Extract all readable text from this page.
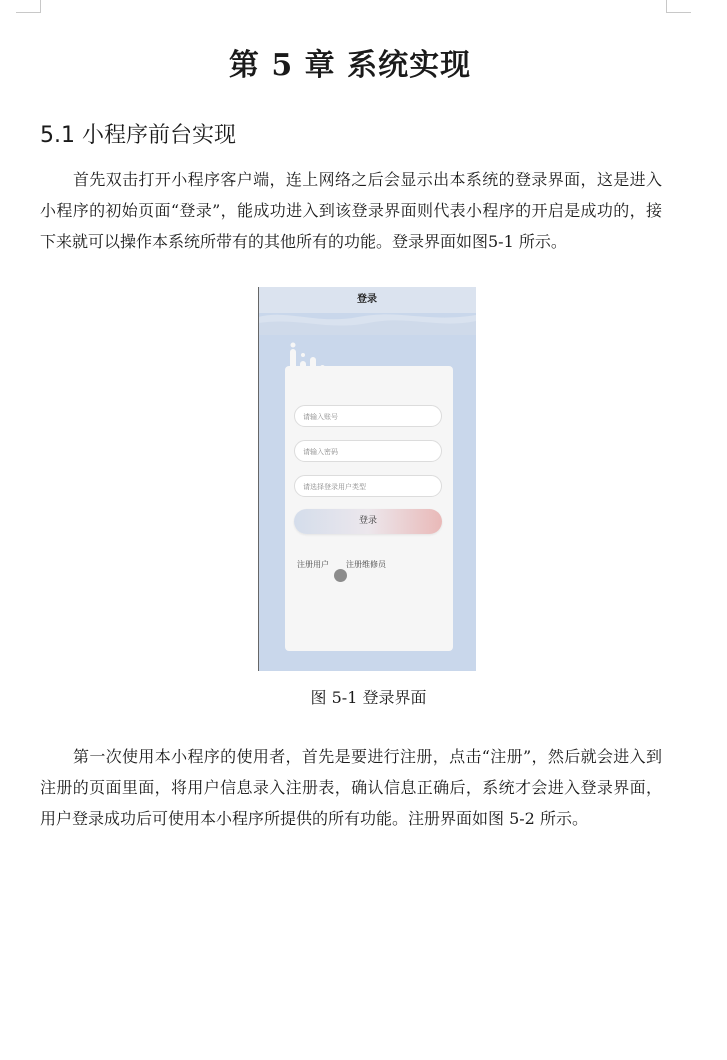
第 5 章 系统实现
5.1 小程序前台实现

首先双击打开小程序客户端，连上网络之后会显示出本系统的登录界面，这是进入小程序的初始页面“登录”，能成功进入到该登录界面则代表小程序的开启是成功的，接下来就可以操作本系统所带有的其他所有的功能。登录界面如图5-1 所示。

登录
请输入账号
请输入密码
请选择登录用户类型
登录
注册用户 注册维修员
图 5-1 登录界面

第一次使用本小程序的使用者，首先是要进行注册，点击“注册”，然后就会进入到注册的页面里面，将用户信息录入注册表，确认信息正确后，系统才会进入登录界面，用户登录成功后可使用本小程序所提供的所有功能。注册界面如图 5-2 所示。
